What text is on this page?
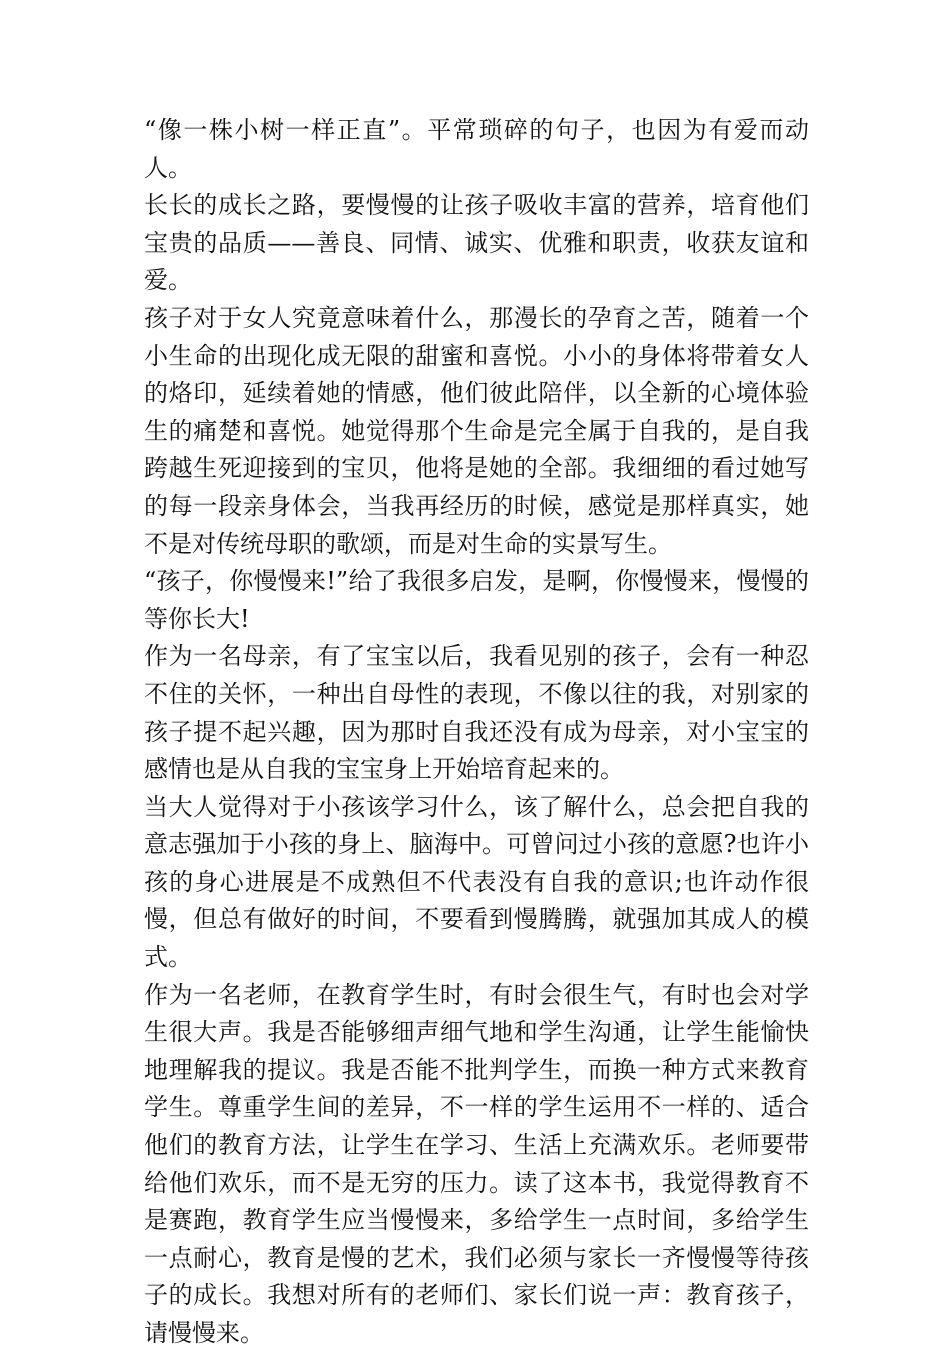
“像一株小树一样正直”。平常琐碎的句子，也因为有爱而动人。

长长的成长之路，要慢慢的让孩子吸收丰富的营养，培育他们宝贵的品质——善良、同情、诚实、优雅和职责，收获友谊和爱。

孩子对于女人究竟意味着什么，那漫长的孕育之苦，随着一个小生命的出现化成无限的甜蜜和喜悦。小小的身体将带着女人的烙印，延续着她的情感，他们彼此陪伴，以全新的心境体验生的痛楚和喜悦。她觉得那个生命是完全属于自我的，是自我跨越生死迎接到的宝贝，他将是她的全部。我细细的看过她写的每一段亲身体会，当我再经历的时候，感觉是那样真实，她不是对传统母职的歌颂，而是对生命的实景写生。

“孩子，你慢慢来!”给了我很多启发，是啊，你慢慢来，慢慢的等你长大!

作为一名母亲，有了宝宝以后，我看见别的孩子，会有一种忍不住的关怀，一种出自母性的表现，不像以往的我，对别家的孩子提不起兴趣，因为那时自我还没有成为母亲，对小宝宝的感情也是从自我的宝宝身上开始培育起来的。

当大人觉得对于小孩该学习什么，该了解什么，总会把自我的意志强加于小孩的身上、脑海中。可曾问过小孩的意愿?也许小孩的身心进展是不成熟但不代表没有自我的意识;也许动作很慢，但总有做好的时间，不要看到慢腾腾，就强加其成人的模式。

作为一名老师，在教育学生时，有时会很生气，有时也会对学生很大声。我是否能够细声细气地和学生沟通，让学生能愉快地理解我的提议。我是否能不批判学生，而换一种方式来教育学生。尊重学生间的差异，不一样的学生运用不一样的、适合他们的教育方法，让学生在学习、生活上充满欢乐。老师要带给他们欢乐，而不是无穷的压力。读了这本书，我觉得教育不是赛跑，教育学生应当慢慢来，多给学生一点时间，多给学生一点耐心，教育是慢的艺术，我们必须与家长一齐慢慢等待孩子的成长。我想对所有的老师们、家长们说一声：教育孩子，请慢慢来。
